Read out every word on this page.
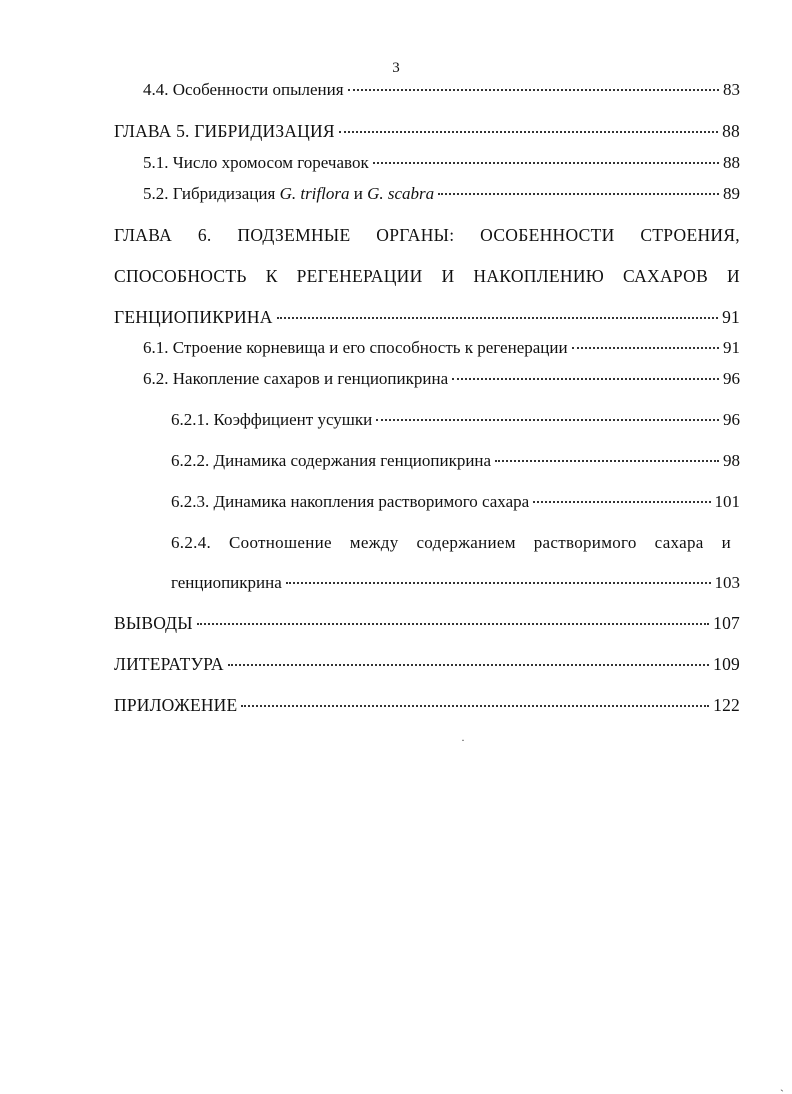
3
4.4. Особенности опыления	83
ГЛАВА 5. ГИБРИДИЗАЦИЯ	88
5.1. Число хромосом горечавок	88
5.2. Гибридизация G. triflora и G. scabra	89
ГЛАВА 6. ПОДЗЕМНЫЕ ОРГАНЫ: ОСОБЕННОСТИ СТРОЕНИЯ,
СПОСОБНОСТЬ К РЕГЕНЕРАЦИИ И НАКОПЛЕНИЮ САХАРОВ И
ГЕНЦИОПИКРИНА	91
6.1. Строение корневища и его способность к регенерации	91
6.2. Накопление сахаров и генциопикрина	96
6.2.1. Коэффициент усушки	96
6.2.2. Динамика содержания генциопикрина	98
6.2.3. Динамика накопления растворимого сахара	101
6.2.4. Соотношение между содержанием растворимого сахара и
генциопикрина	103
ВЫВОДЫ	107
ЛИТЕРАТУРА	109
ПРИЛОЖЕНИЕ	122
·
ˏ
